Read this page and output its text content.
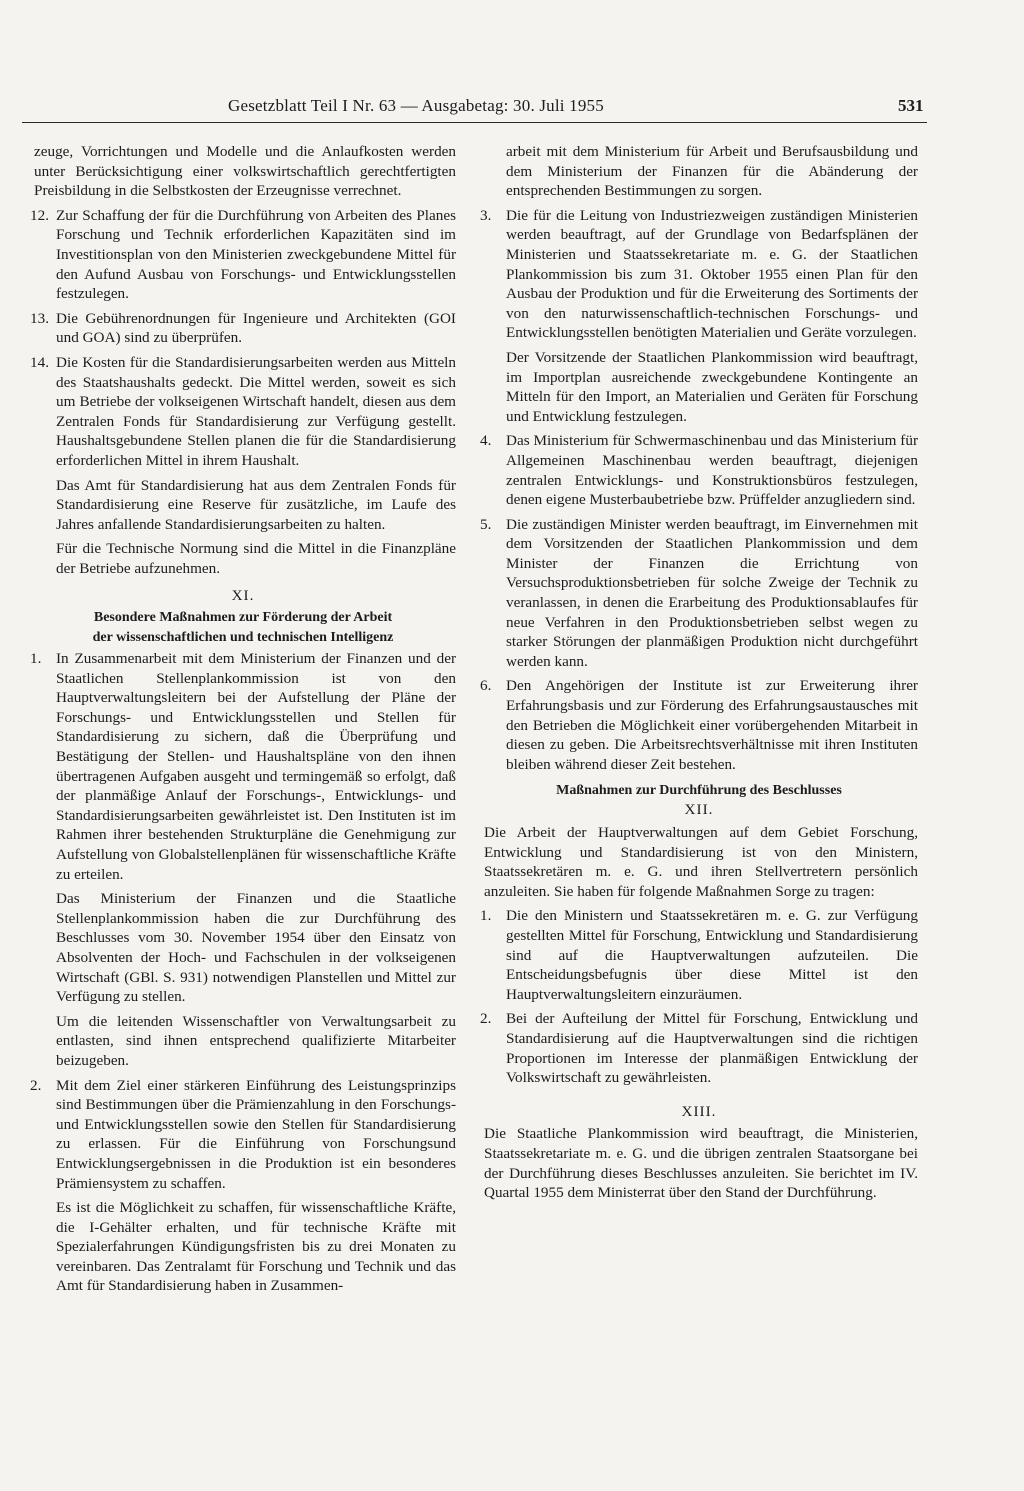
Gesetzblatt Teil I Nr. 63 — Ausgabetag: 30. Juli 1955	531

zeuge, Vorrichtungen und Modelle und die Anlaufkosten werden unter Berücksichtigung einer volkswirtschaftlich gerechtfertigten Preisbildung in die Selbstkosten der Erzeugnisse verrechnet.

12. Zur Schaffung der für die Durchführung von Arbeiten des Planes Forschung und Technik erforderlichen Kapazitäten sind im Investitionsplan von den Ministerien zweckgebundene Mittel für den Aufund Ausbau von Forschungs- und Entwicklungsstellen festzulegen.
13. Die Gebührenordnungen für Ingenieure und Architekten (GOI und GOA) sind zu überprüfen.
14. Die Kosten für die Standardisierungsarbeiten werden aus Mitteln des Staatshaushalts gedeckt. Die Mittel werden, soweit es sich um Betriebe der volkseigenen Wirtschaft handelt, diesen aus dem Zentralen Fonds für Standardisierung zur Verfügung gestellt. Haushaltsgebundene Stellen planen die für die Standardisierung erforderlichen Mittel in ihrem Haushalt.

Das Amt für Standardisierung hat aus dem Zentralen Fonds für Standardisierung eine Reserve für zusätzliche, im Laufe des Jahres anfallende Standardisierungsarbeiten zu halten.

Für die Technische Normung sind die Mittel in die Finanzpläne der Betriebe aufzunehmen.

XI.
Besondere Maßnahmen zur Förderung der Arbeit
der wissenschaftlichen und technischen Intelligenz
1. In Zusammenarbeit mit dem Ministerium der Finanzen und der Staatlichen Stellenplankommission ist von den Hauptverwaltungsleitern bei der Aufstellung der Pläne der Forschungs- und Entwicklungsstellen und Stellen für Standardisierung zu sichern, daß die Überprüfung und Bestätigung der Stellen- und Haushaltspläne von den ihnen übertragenen Aufgaben ausgeht und termingemäß so erfolgt, daß der planmäßige Anlauf der Forschungs-, Entwicklungs- und Standardisierungsarbeiten gewährleistet ist. Den Instituten ist im Rahmen ihrer bestehenden Strukturpläne die Genehmigung zur Aufstellung von Globalstellenplänen für wissenschaftliche Kräfte zu erteilen.

Das Ministerium der Finanzen und die Staatliche Stellenplankommission haben die zur Durchführung des Beschlusses vom 30. November 1954 über den Einsatz von Absolventen der Hoch- und Fachschulen in der volkseigenen Wirtschaft (GBl. S. 931) notwendigen Planstellen und Mittel zur Verfügung zu stellen.

Um die leitenden Wissenschaftler von Verwaltungsarbeit zu entlasten, sind ihnen entsprechend qualifizierte Mitarbeiter beizugeben.

2. Mit dem Ziel einer stärkeren Einführung des Leistungsprinzips sind Bestimmungen über die Prämienzahlung in den Forschungs- und Entwicklungsstellen sowie den Stellen für Standardisierung zu erlassen. Für die Einführung von Forschungsund Entwicklungsergebnissen in die Produktion ist ein besonderes Prämiensystem zu schaffen.

Es ist die Möglichkeit zu schaffen, für wissenschaftliche Kräfte, die I-Gehälter erhalten, und für technische Kräfte mit Spezialerfahrungen Kündigungsfristen bis zu drei Monaten zu vereinbaren. Das Zentralamt für Forschung und Technik und das Amt für Standardisierung haben in Zusammen-

arbeit mit dem Ministerium für Arbeit und Berufsausbildung und dem Ministerium der Finanzen für die Abänderung der entsprechenden Bestimmungen zu sorgen.

3. Die für die Leitung von Industriezweigen zuständigen Ministerien werden beauftragt, auf der Grundlage von Bedarfsplänen der Ministerien und Staatssekretariate m. e. G. der Staatlichen Plankommission bis zum 31. Oktober 1955 einen Plan für den Ausbau der Produktion und für die Erweiterung des Sortiments der von den naturwissenschaftlich-technischen Forschungs- und Entwicklungsstellen benötigten Materialien und Geräte vorzulegen.

Der Vorsitzende der Staatlichen Plankommission wird beauftragt, im Importplan ausreichende zweckgebundene Kontingente an Mitteln für den Import, an Materialien und Geräten für Forschung und Entwicklung festzulegen.

4. Das Ministerium für Schwermaschinenbau und das Ministerium für Allgemeinen Maschinenbau werden beauftragt, diejenigen zentralen Entwicklungs- und Konstruktionsbüros festzulegen, denen eigene Musterbaubetriebe bzw. Prüffelder anzugliedern sind.
5. Die zuständigen Minister werden beauftragt, im Einvernehmen mit dem Vorsitzenden der Staatlichen Plankommission und dem Minister der Finanzen die Errichtung von Versuchsproduktionsbetrieben für solche Zweige der Technik zu veranlassen, in denen die Erarbeitung des Produktionsablaufes für neue Verfahren in den Produktionsbetrieben selbst wegen zu starker Störungen der planmäßigen Produktion nicht durchgeführt werden kann.
6. Den Angehörigen der Institute ist zur Erweiterung ihrer Erfahrungsbasis und zur Förderung des Erfahrungsaustausches mit den Betrieben die Möglichkeit einer vorübergehenden Mitarbeit in diesen zu geben. Die Arbeitsrechtsverhältnisse mit ihren Instituten bleiben während dieser Zeit bestehen.
Maßnahmen zur Durchführung des Beschlusses
XII.

Die Arbeit der Hauptverwaltungen auf dem Gebiet Forschung, Entwicklung und Standardisierung ist von den Ministern, Staatssekretären m. e. G. und ihren Stellvertretern persönlich anzuleiten. Sie haben für folgende Maßnahmen Sorge zu tragen:

1. Die den Ministern und Staatssekretären m. e. G. zur Verfügung gestellten Mittel für Forschung, Entwicklung und Standardisierung sind auf die Hauptverwaltungen aufzuteilen. Die Entscheidungsbefugnis über diese Mittel ist den Hauptverwaltungsleitern einzuräumen.
2. Bei der Aufteilung der Mittel für Forschung, Entwicklung und Standardisierung auf die Hauptverwaltungen sind die richtigen Proportionen im Interesse der planmäßigen Entwicklung der Volkswirtschaft zu gewährleisten.
XIII.

Die Staatliche Plankommission wird beauftragt, die Ministerien, Staatssekretariate m. e. G. und die übrigen zentralen Staatsorgane bei der Durchführung dieses Beschlusses anzuleiten. Sie berichtet im IV. Quartal 1955 dem Ministerrat über den Stand der Durchführung.
